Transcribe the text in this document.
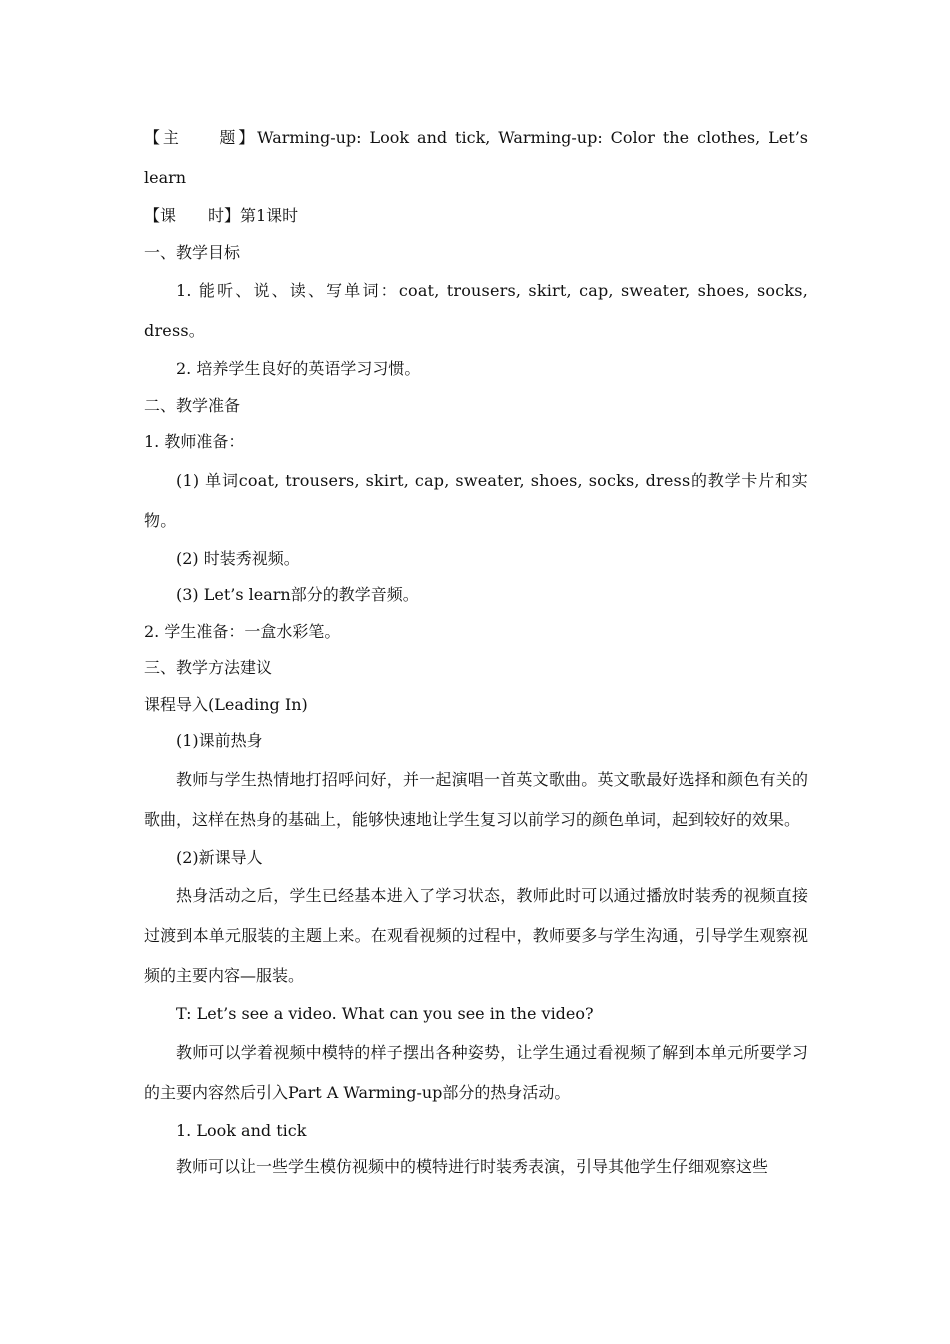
【主　　题】Warming-up: Look and tick, Warming-up: Color the clothes, Let’s learn
【课　　时】第1课时
一、教学目标
1. 能听、说、读、写单词：coat, trousers, skirt, cap, sweater, shoes, socks, dress。
2. 培养学生良好的英语学习习惯。
二、教学准备
1. 教师准备：
(1) 单词coat, trousers, skirt, cap, sweater, shoes, socks, dress的教学卡片和实物。
(2) 时装秀视频。
(3) Let’s learn部分的教学音频。
2. 学生准备：一盒水彩笔。
三、教学方法建议
课程导入(Leading In)
(1)课前热身
教师与学生热情地打招呼问好，并一起演唱一首英文歌曲。英文歌最好选择和颜色有关的歌曲，这样在热身的基础上，能够快速地让学生复习以前学习的颜色单词，起到较好的效果。
(2)新课导人
热身活动之后，学生已经基本进入了学习状态，教师此时可以通过播放时装秀的视频直接过渡到本单元服装的主题上来。在观看视频的过程中，教师要多与学生沟通，引导学生观察视频的主要内容—服装。
T: Let’s see a video. What can you see in the video?
教师可以学着视频中模特的样子摆出各种姿势，让学生通过看视频了解到本单元所要学习的主要内容然后引入Part A Warming-up部分的热身活动。
1. Look and tick
教师可以让一些学生模仿视频中的模特进行时装秀表演，引导其他学生仔细观察这些
